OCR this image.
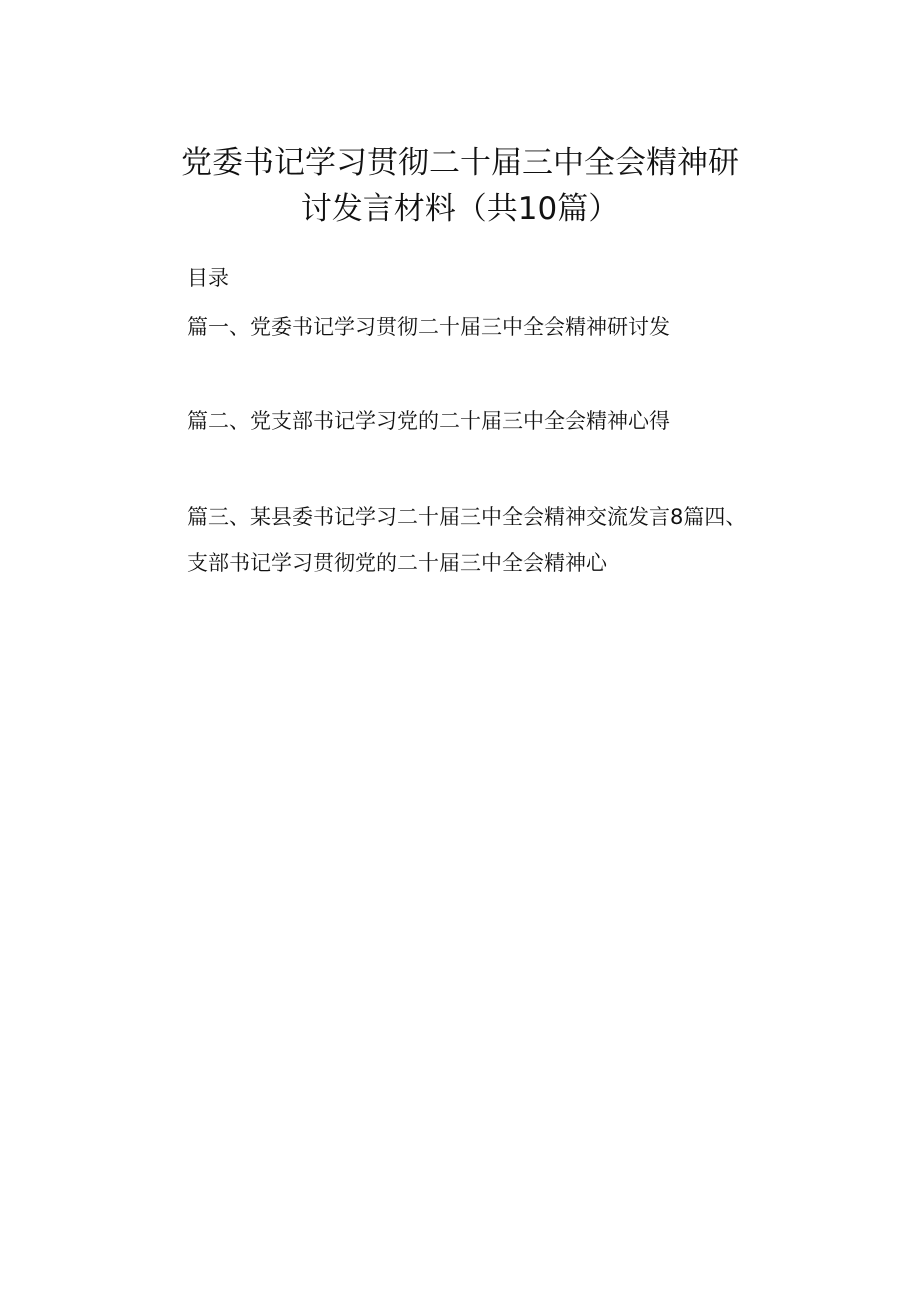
党委书记学习贯彻二十届三中全会精神研
讨发言材料（共10篇）

目录

篇一、党委书记学习贯彻二十届三中全会精神研讨发
篇二、党支部书记学习党的二十届三中全会精神心得
篇三、某县委书记学习二十届三中全会精神交流发言8篇四、
支部书记学习贯彻党的二十届三中全会精神心
